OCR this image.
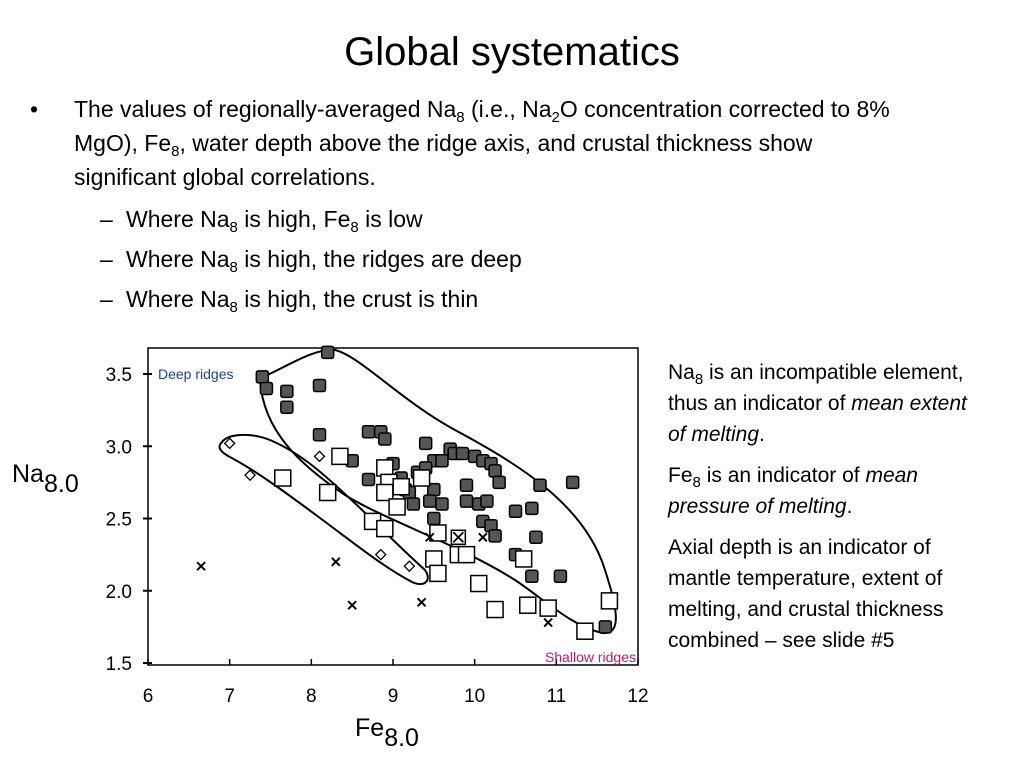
Global systematics
• The values of regionally-averaged $Na_8$ (i.e., $Na_2O$ concentration corrected to 8% MgO), $Fe_8$, water depth above the ridge axis, and crustal thickness show significant global correlations.
– Where $Na_8$ is high, $Fe_8$ is low
– Where $Na_8$ is high, the ridges are deep
– Where $Na_8$ is high, the crust is thin

$Na_8$ is an incompatible element, thus an indicator of mean extent of melting.

$Fe_8$ is an indicator of mean pressure of melting.

Axial depth is an indicator of mantle temperature, extent of melting, and crustal thickness combined – see slide #5

6	7	8	9	10	11	12
1.5
2.0
2.5
3.0
3.5 Deep ridges
Shallow ridges
Na8.0
Fe8.0
